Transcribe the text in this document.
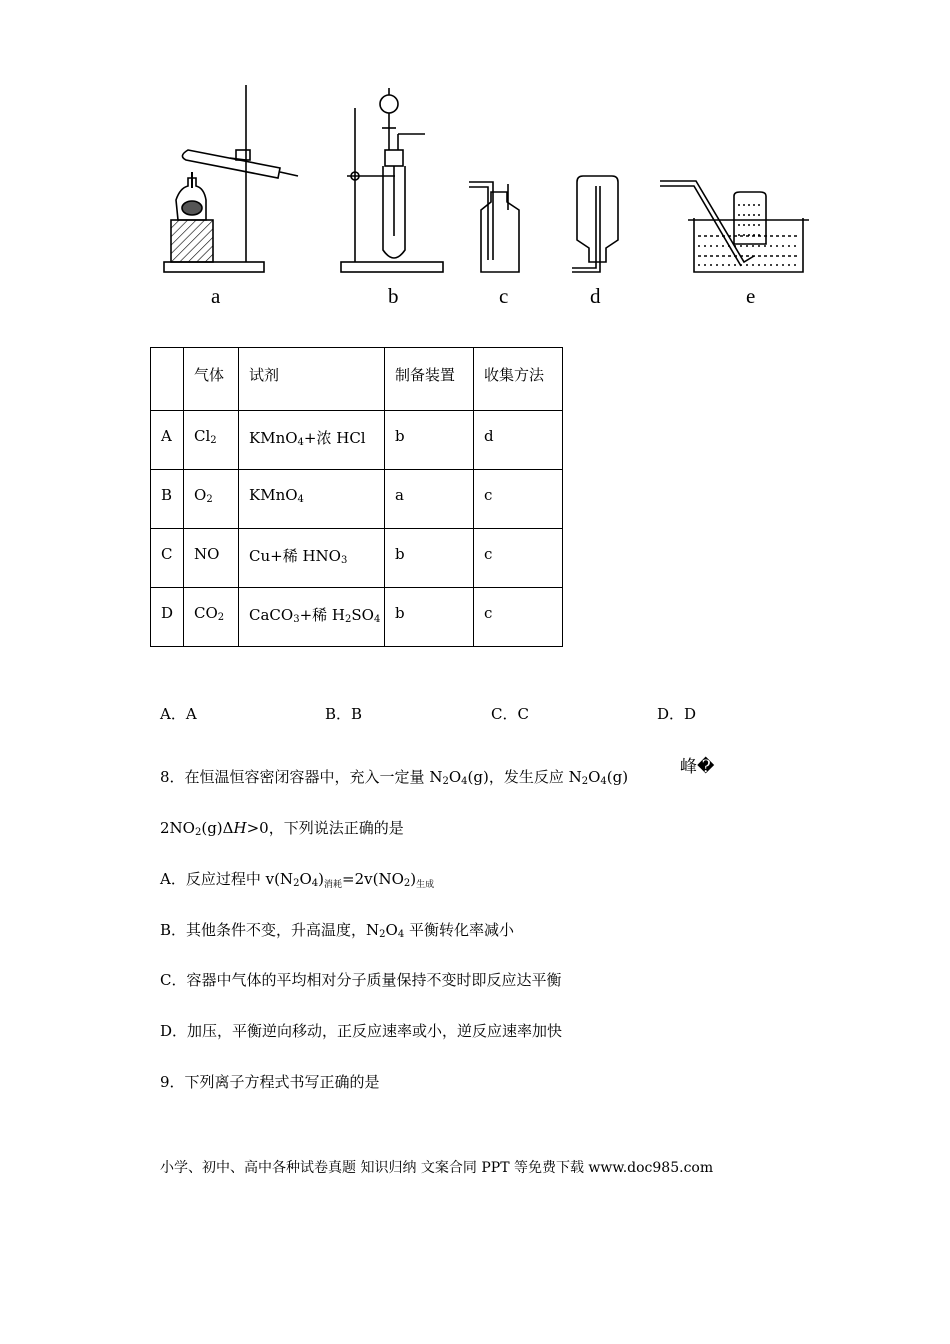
a	b	c	d	e
	气体	试剂	制备装置	收集方法
A	$Cl_2$	KMnO$_4$+浓 HCl	b	d
B	$O_2$	KMnO$_4$	a	c
C	NO	Cu+稀 $HNO_3$	b	c
D	$CO_2$	CaCO$_3$+稀 $H_2SO_4$	b	c
A．A	B．B	C．C	D．D
8．在恒温恒容密闭容器中，充入一定量 $N_2O_4(g)$，发生反应 $N_2O_4(g)$	峰�
$2NO_2(g)\Delta H>0$，下列说法正确的是
A．反应过程中 $v(N_2O_4)_{消耗}=2v(NO_2)_{生成}$
B．其他条件不变，升高温度，$N_2O_4$ 平衡转化率减小
C．容器中气体的平均相对分子质量保持不变时即反应达平衡
D．加压，平衡逆向移动，正反应速率或小，逆反应速率加快
9．下列离子方程式书写正确的是
小学、初中、高中各种试卷真题 知识归纳 文案合同 PPT 等免费下载 www.doc985.com
